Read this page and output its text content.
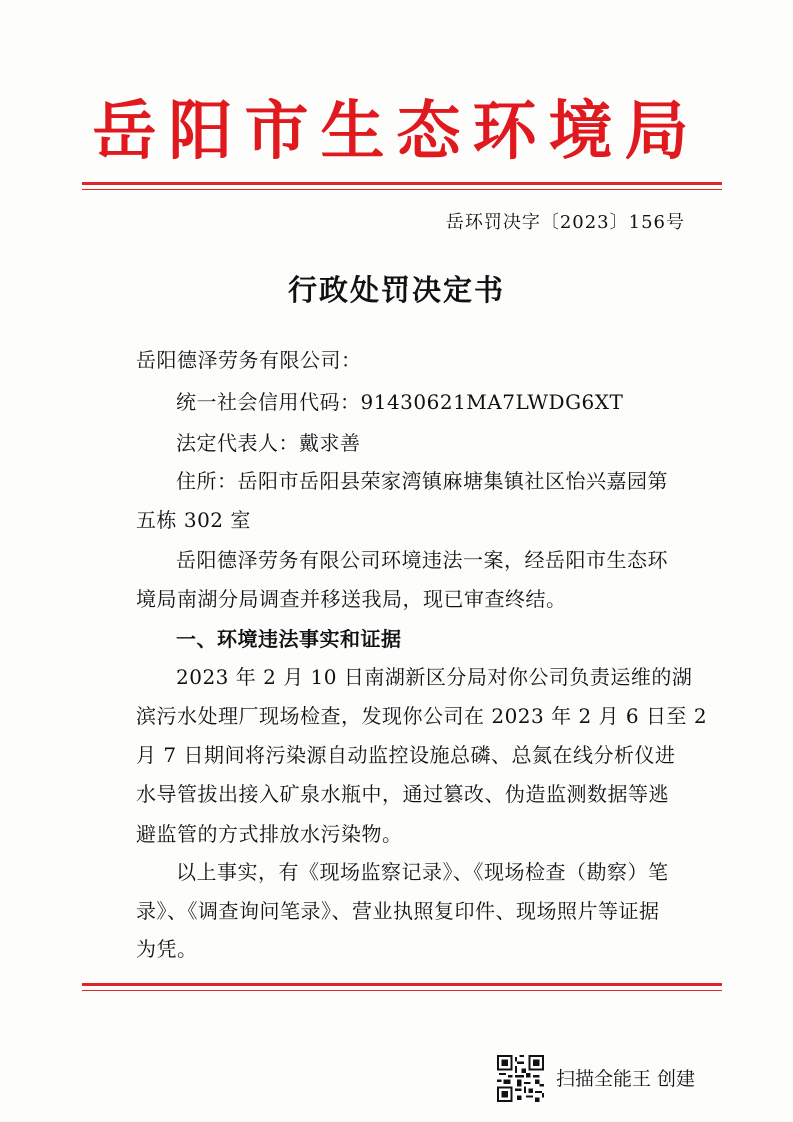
岳阳市生态环境局
岳环罚决字〔2023〕156号
行政处罚决定书
岳阳德泽劳务有限公司：
统一社会信用代码：91430621MA7LWDG6XT
法定代表人：戴求善
住所：岳阳市岳阳县荣家湾镇麻塘集镇社区怡兴嘉园第
五栋 302 室
岳阳德泽劳务有限公司环境违法一案，经岳阳市生态环
境局南湖分局调查并移送我局，现已审查终结。
一、环境违法事实和证据
2023 年 2 月 10 日南湖新区分局对你公司负责运维的湖
滨污水处理厂现场检查，发现你公司在 2023 年 2 月 6 日至 2
月 7 日期间将污染源自动监控设施总磷、总氮在线分析仪进
水导管拔出接入矿泉水瓶中，通过篡改、伪造监测数据等逃
避监管的方式排放水污染物。
以上事实，有《现场监察记录》、《现场检查（勘察）笔
录》、《调查询问笔录》、营业执照复印件、现场照片等证据
为凭。
扫描全能王 创建
